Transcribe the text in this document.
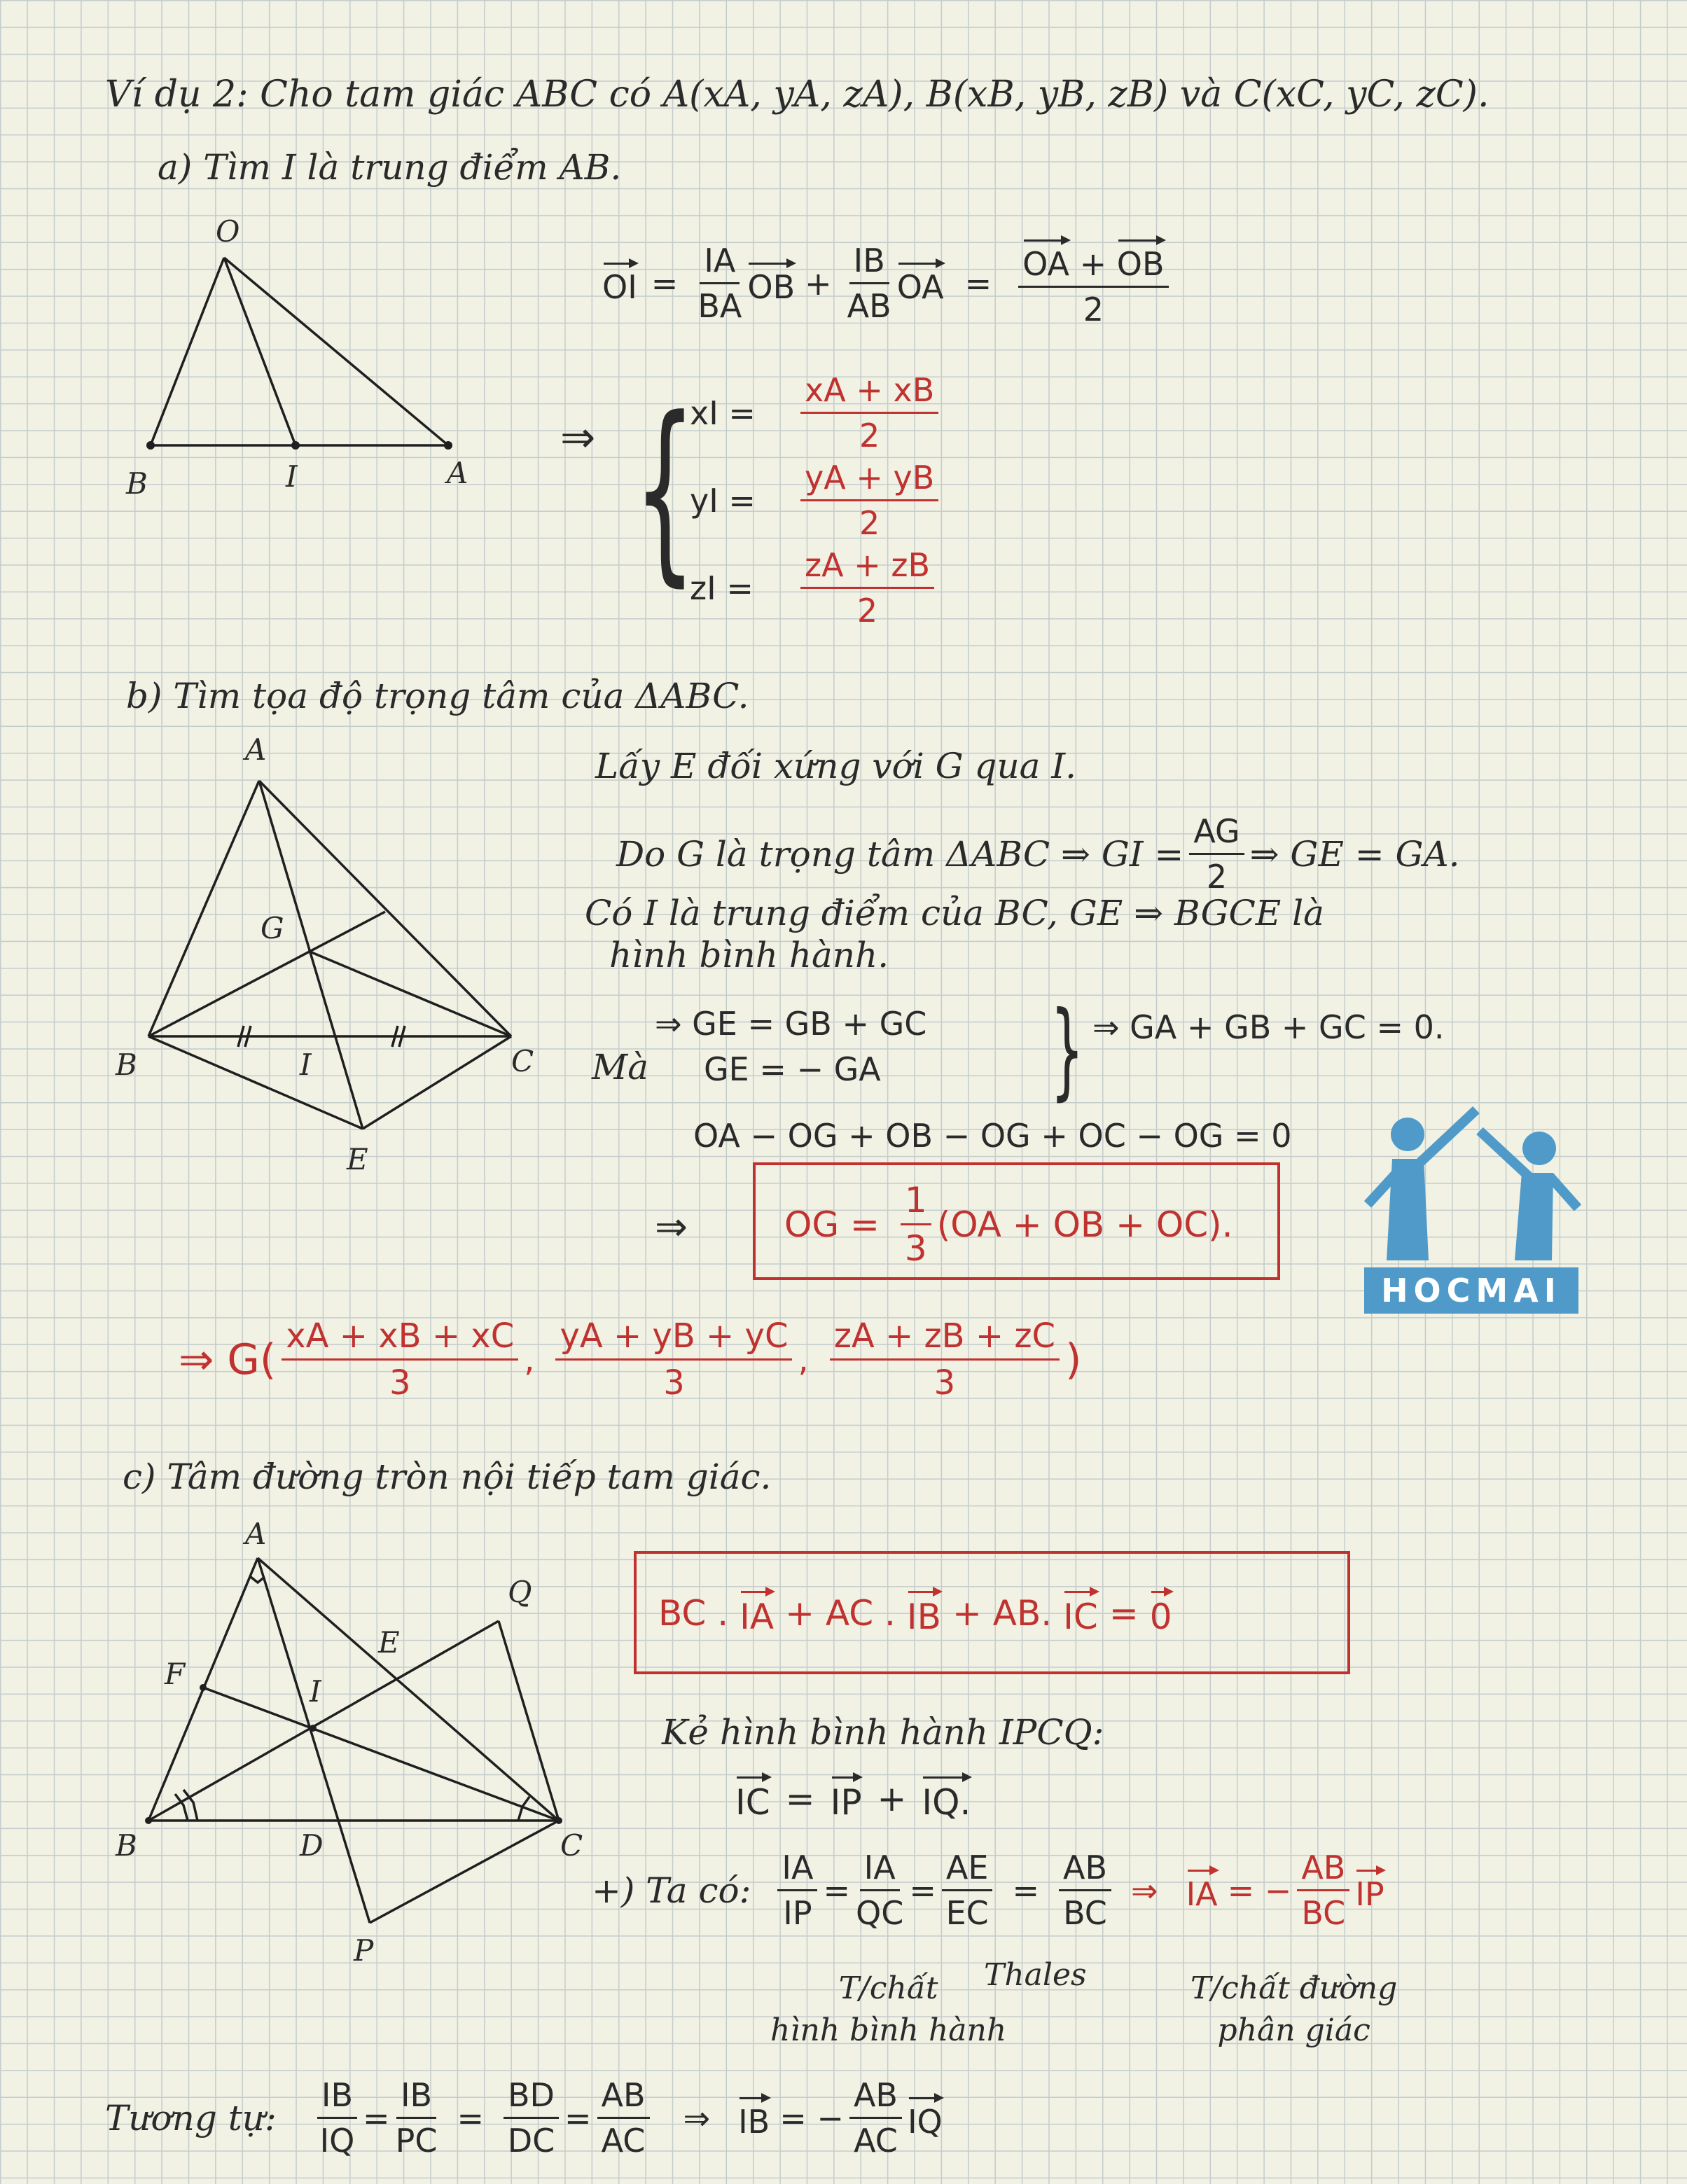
Ví dụ 2: Cho tam giác ABC có A(xA, yA, zA), B(xB, yB, zB) và C(xC, yC, zC).
a) Tìm I là trung điểm AB.
O
B	I	A
OI = $\frac{IA}{BA}$ OB + $\frac{IB}{AB}$ OA = $\frac{OA + OB}{2}$
⇒ {
xI =	$\frac{xA + xB}{2}$
yI =	$\frac{yA + yB}{2}$
zI =	$\frac{zA + zB}{2}$
b) Tìm tọa độ trọng tâm của ΔABC.
A
G
B	I	C
E
Lấy E đối xứng với G qua I.
Do G là trọng tâm ΔABC ⇒ GI = $\frac{AG}{2}$ ⇒ GE = GA.
Có I là trung điểm của BC, GE ⇒ BGCE là
hình bình hành.
Mà
⇒ GE = GB + GC
GE = − GA } ⇒ GA + GB + GC = 0.
OA − OG + OB − OG + OC − OG = 0
⇒	OG = $\frac{1}{3} (OA$ + OB + OC).
⇒ $G( \frac{xA + xB + xC}{3}$ , $\frac{yA + yB + yC}{3}$ , $\frac{zA + zB + zC}{3}$ )
HOCMAI
c) Tâm đường tròn nội tiếp tam giác.
A
Q
E
F
I
B	D	C
P
BC . IA + AC . IB + AB. IC = 0
Kẻ hình bình hành IPCQ:
IC = IP + IQ.
+) Ta có: $\frac{IA}{IP} = \frac{IA}{QC} = \frac{AE}{EC} = \frac{AB}{BC}$ ⇒ IA = − $\frac{AB}{BC}$ IP
T/chất
hình bình hành
Thales	T/chất đường
phân giác
Tương tự: $\frac{IB}{IQ} = \frac{IB}{PC} = \frac{BD}{DC} = \frac{AB}{AC}$ ⇒ IB = − $\frac{AB}{AC}$ IQ
